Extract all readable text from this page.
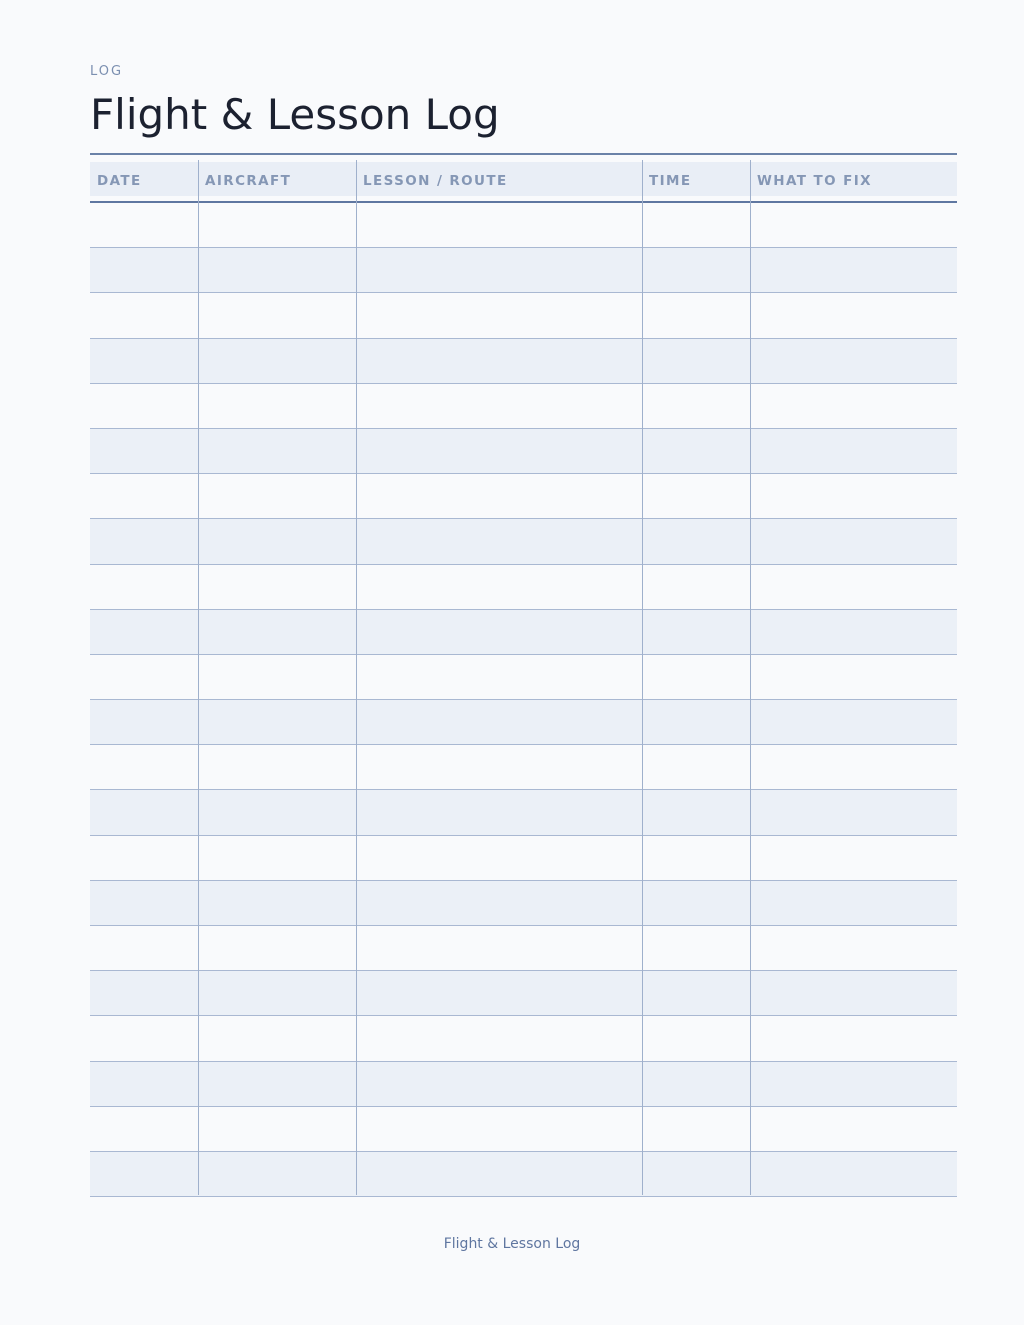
LOG
Flight & Lesson Log
DATE	AIRCRAFT	LESSON / ROUTE	TIME	WHAT TO FIX
Flight & Lesson Log
